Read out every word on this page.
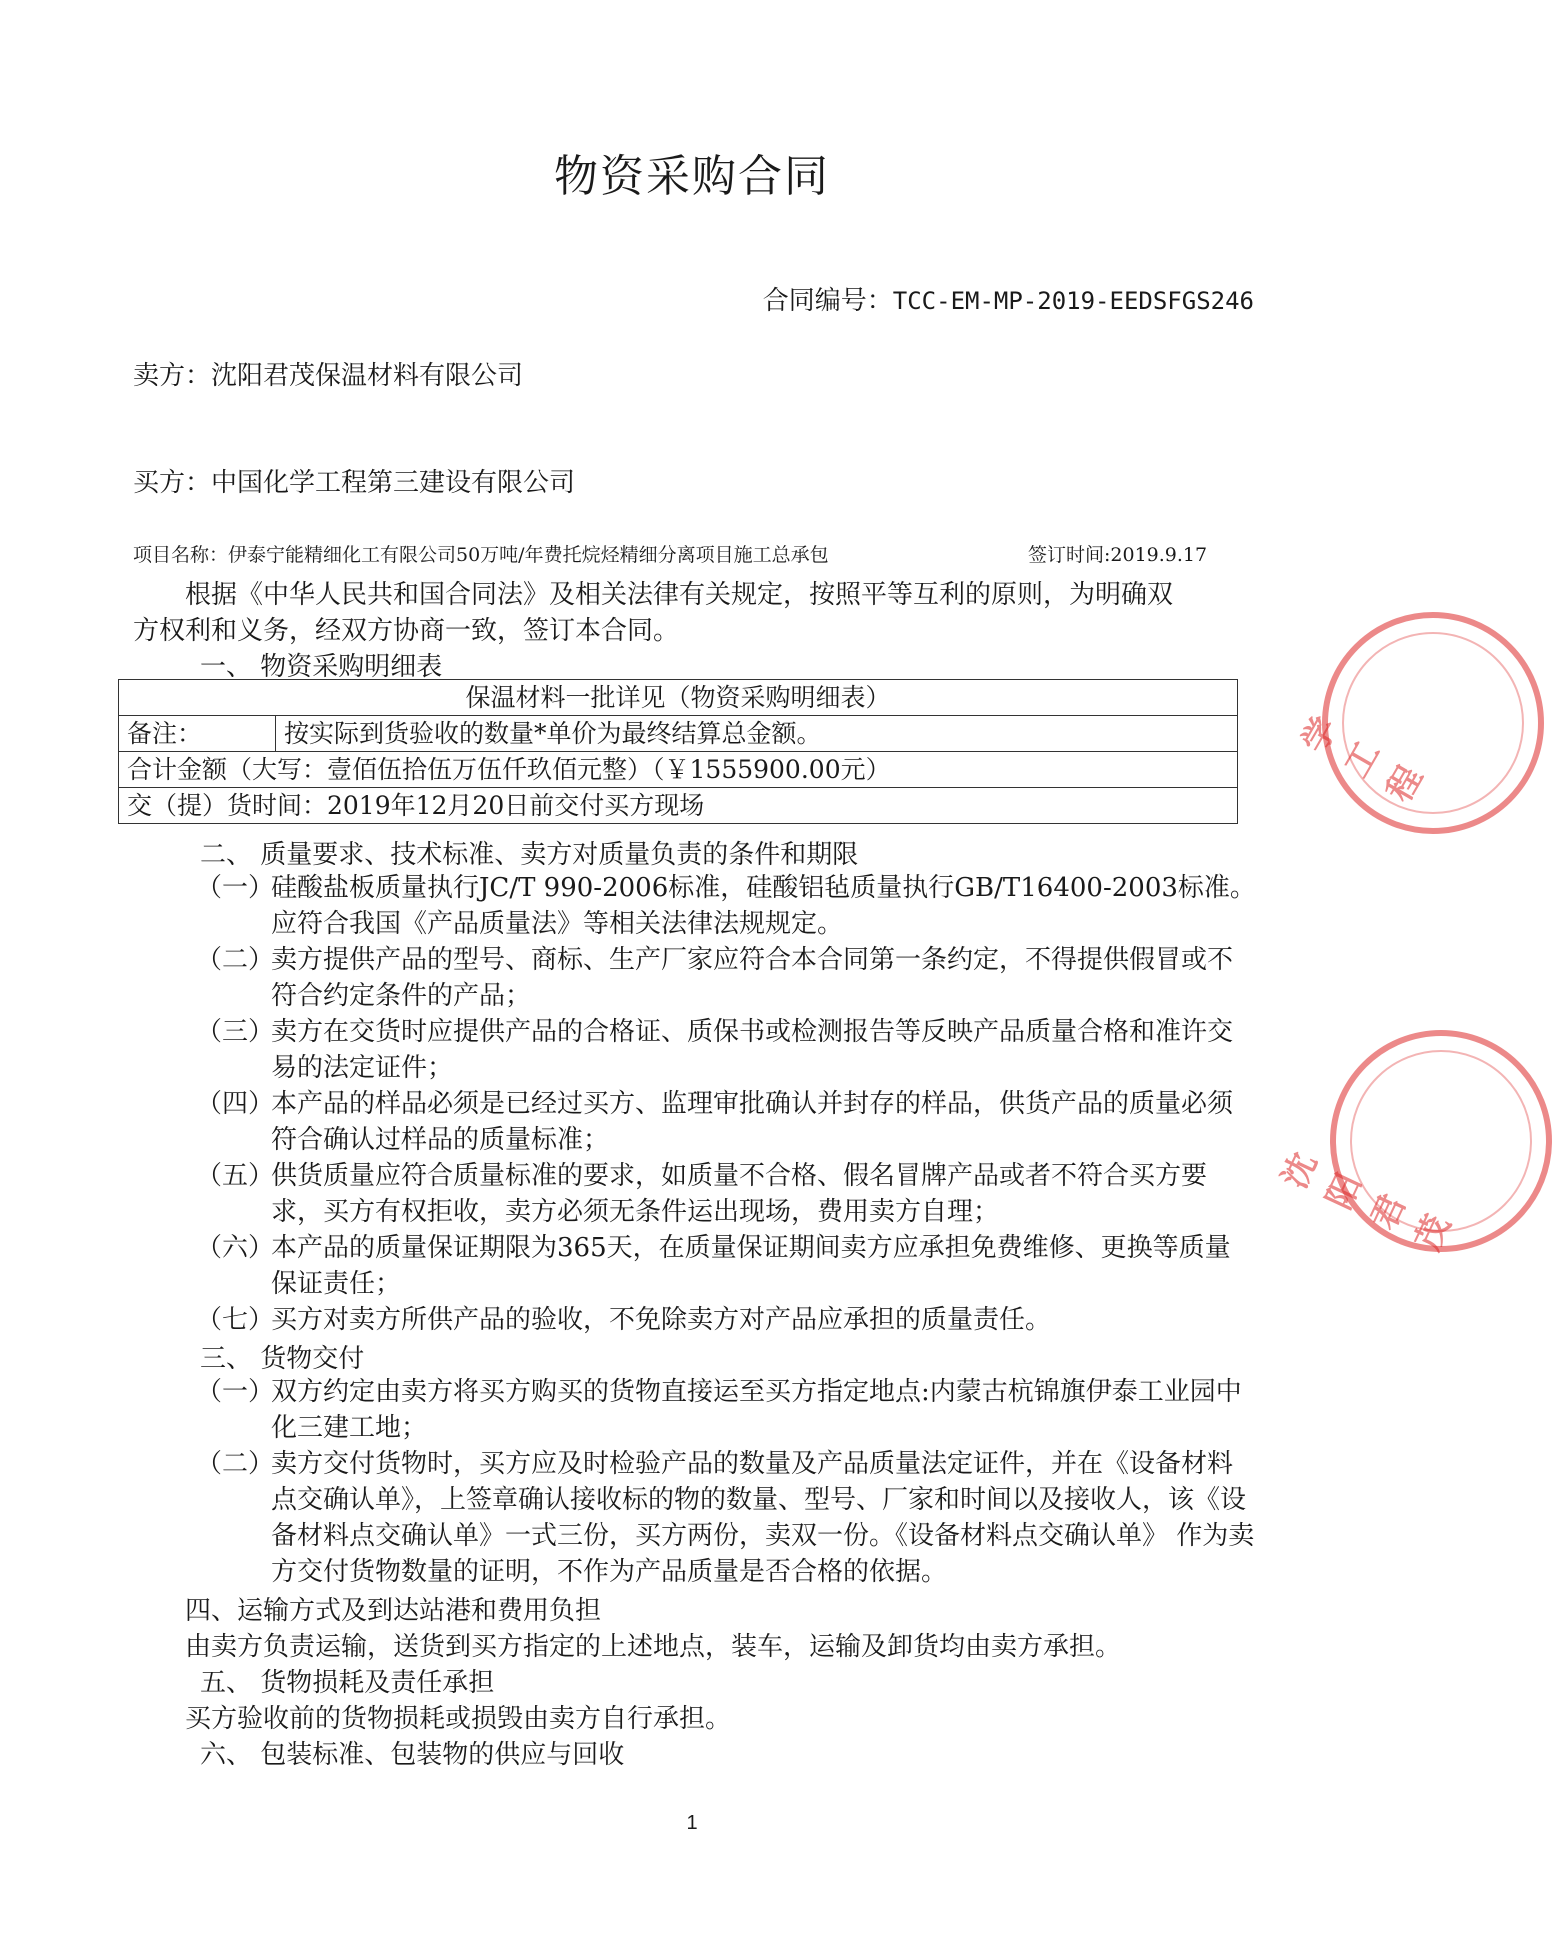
物资采购合同
合同编号：TCC-EM-MP-2019-EEDSFGS246
卖方：沈阳君茂保温材料有限公司
买方：中国化学工程第三建设有限公司
项目名称：伊泰宁能精细化工有限公司50万吨/年费托烷烃精细分离项目施工总承包	签订时间:2019.9.17
根据《中华人民共和国合同法》及相关法律有关规定，按照平等互利的原则，为明确双
方权利和义务，经双方协商一致，签订本合同。
一、 物资采购明细表
保温材料一批详见（物资采购明细表）
备注：	按实际到货验收的数量*单价为最终结算总金额。
合计金额（大写：壹佰伍拾伍万伍仟玖佰元整）（￥1555900.00元）
交（提）货时间：2019年12月20日前交付买方现场
二、 质量要求、技术标准、卖方对质量负责的条件和期限
（一）
硅酸盐板质量执行JC/T 990-2006标准，硅酸铝毡质量执行GB/T16400-2003标准。应符合我国《产品质量法》等相关法律法规规定。
（二）
卖方提供产品的型号、商标、生产厂家应符合本合同第一条约定，不得提供假冒或不符合约定条件的产品；
（三）
卖方在交货时应提供产品的合格证、质保书或检测报告等反映产品质量合格和准许交易的法定证件；
（四）
本产品的样品必须是已经过买方、监理审批确认并封存的样品，供货产品的质量必须符合确认过样品的质量标准；
（五）
供货质量应符合质量标准的要求，如质量不合格、假名冒牌产品或者不符合买方要求，买方有权拒收，卖方必须无条件运出现场，费用卖方自理；
（六）
本产品的质量保证期限为365天，在质量保证期间卖方应承担免费维修、更换等质量保证责任；
（七）
买方对卖方所供产品的验收，不免除卖方对产品应承担的质量责任。
三、 货物交付
（一）
双方约定由卖方将买方购买的货物直接运至买方指定地点:内蒙古杭锦旗伊泰工业园中化三建工地；
（二）
卖方交付货物时，买方应及时检验产品的数量及产品质量法定证件，并在《设备材料点交确认单》，上签章确认接收标的物的数量、型号、厂家和时间以及接收人，该《设备材料点交确认单》一式三份，买方两份，卖双一份。《设备材料点交确认单》 作为卖方交付货物数量的证明，不作为产品质量是否合格的依据。
四、运输方式及到达站港和费用负担
由卖方负责运输，送货到买方指定的上述地点，装车，运输及卸货均由卖方承担。
五、 货物损耗及责任承担
买方验收前的货物损耗或损毁由卖方自行承担。
六、 包装标准、包装物的供应与回收
1
学工程
沈阳君茂
